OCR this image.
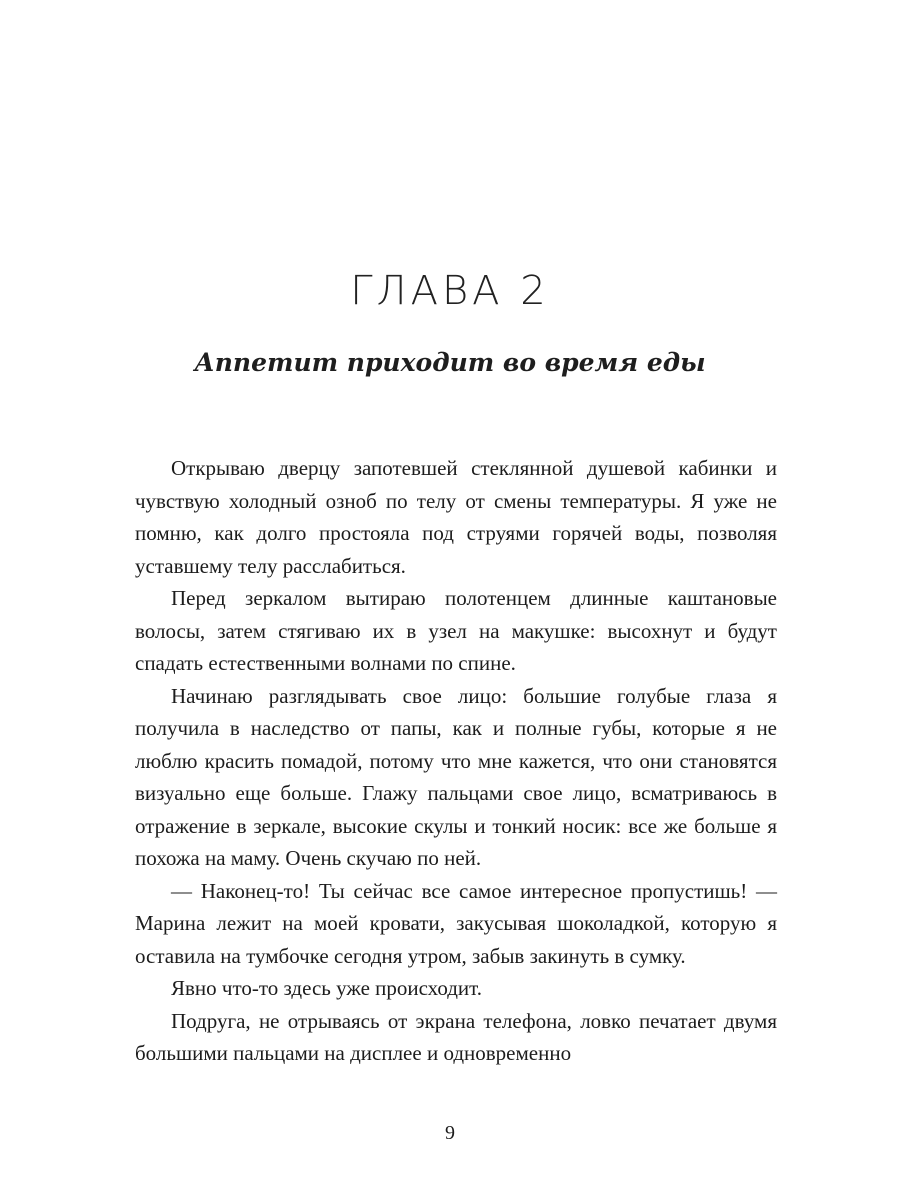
ГЛАВА 2
Аппетит приходит во время еды

Открываю дверцу запотевшей стеклянной душевой кабинки и чувствую холодный озноб по телу от смены температуры. Я уже не помню, как долго простояла под струями горячей воды, позволяя уставшему телу расслабиться.

Перед зеркалом вытираю полотенцем длинные каштановые волосы, затем стягиваю их в узел на макушке: высохнут и будут спадать естественными волнами по спине.

Начинаю разглядывать свое лицо: большие голубые глаза я получила в наследство от папы, как и полные губы, которые я не люблю красить помадой, потому что мне кажется, что они становятся визуально еще больше. Глажу пальцами свое лицо, всматриваюсь в отражение в зеркале, высокие скулы и тонкий носик: все же больше я похожа на маму. Очень скучаю по ней.

— Наконец-то! Ты сейчас все самое интересное пропустишь! — Марина лежит на моей кровати, закусывая шоколадкой, которую я оставила на тумбочке сегодня утром, забыв закинуть в сумку.

Явно что-то здесь уже происходит.

Подруга, не отрываясь от экрана телефона, ловко печатает двумя большими пальцами на дисплее и одновременно

9
